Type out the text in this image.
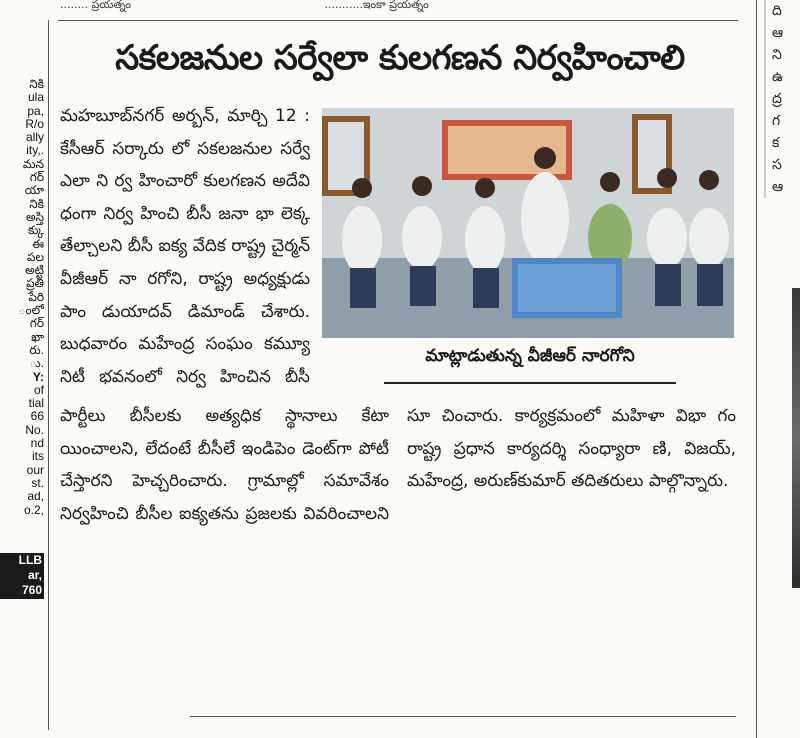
........ ప్రయత్నం	...........ఇంకా ప్రయత్నం
నికి
ula
pa,
R/o
ally
ity,.
మన
గర్
యా
నికి
అస్తి
క్కు
ఈ
పల
అట్టి
ప్రతి
పేరి
ంలో
గర్
ఖా
రు.
ు.
Y:
of
tial
66
No.
nd
its
our
st.
ad,
o.2,
LLB
ar,
760
ది
ఆ
ని
ఉ
ద్ర
గ
క
స
ఆ
సకలజనుల సర్వేలా కులగణన నిర్వహించాలి

మహబూబ్‌నగర్ అర్బన్, మార్చి 12 : కేసీఆర్ సర్కారు లో సకలజనుల సర్వే ఎలా ని ర్వ హించారో కులగణన అదేవి ధంగా నిర్వ హించి బీసీ జనా భా లెక్క తేల్చాలని బీసీ ఐక్య వేదిక రాష్ట్ర చైర్మన్ వీజీఆర్ నా రగోని, రాష్ట్ర అధ్యక్షుడు పాం డుయాదవ్ డిమాండ్ చేశారు. బుధవారం మహేంద్ర సంఘం కమ్యూ నిటీ భవనంలో నిర్వ హించిన బీసీ

పార్టీలు బీసీలకు అత్యధిక స్థానాలు కేటా యించాలని, లేదంటే బీసీలే ఇండిపెం డెంట్‌గా పోటీ చేస్తారని హెచ్చరించారు. గ్రామాల్లో సమావేశం నిర్వహించి బీసీల ఐక్యతను ప్రజలకు వివరించాలని సూ చించారు. కార్యక్రమంలో మహిళా విభా గం రాష్ట్ర ప్రధాన కార్యదర్శి సంధ్యారా ణి, విజయ్, మహేంద్ర, అరుణ్‌కుమార్ తదితరులు పాల్గొన్నారు.
మాట్లాడుతున్న వీజీఆర్ నారగోని
